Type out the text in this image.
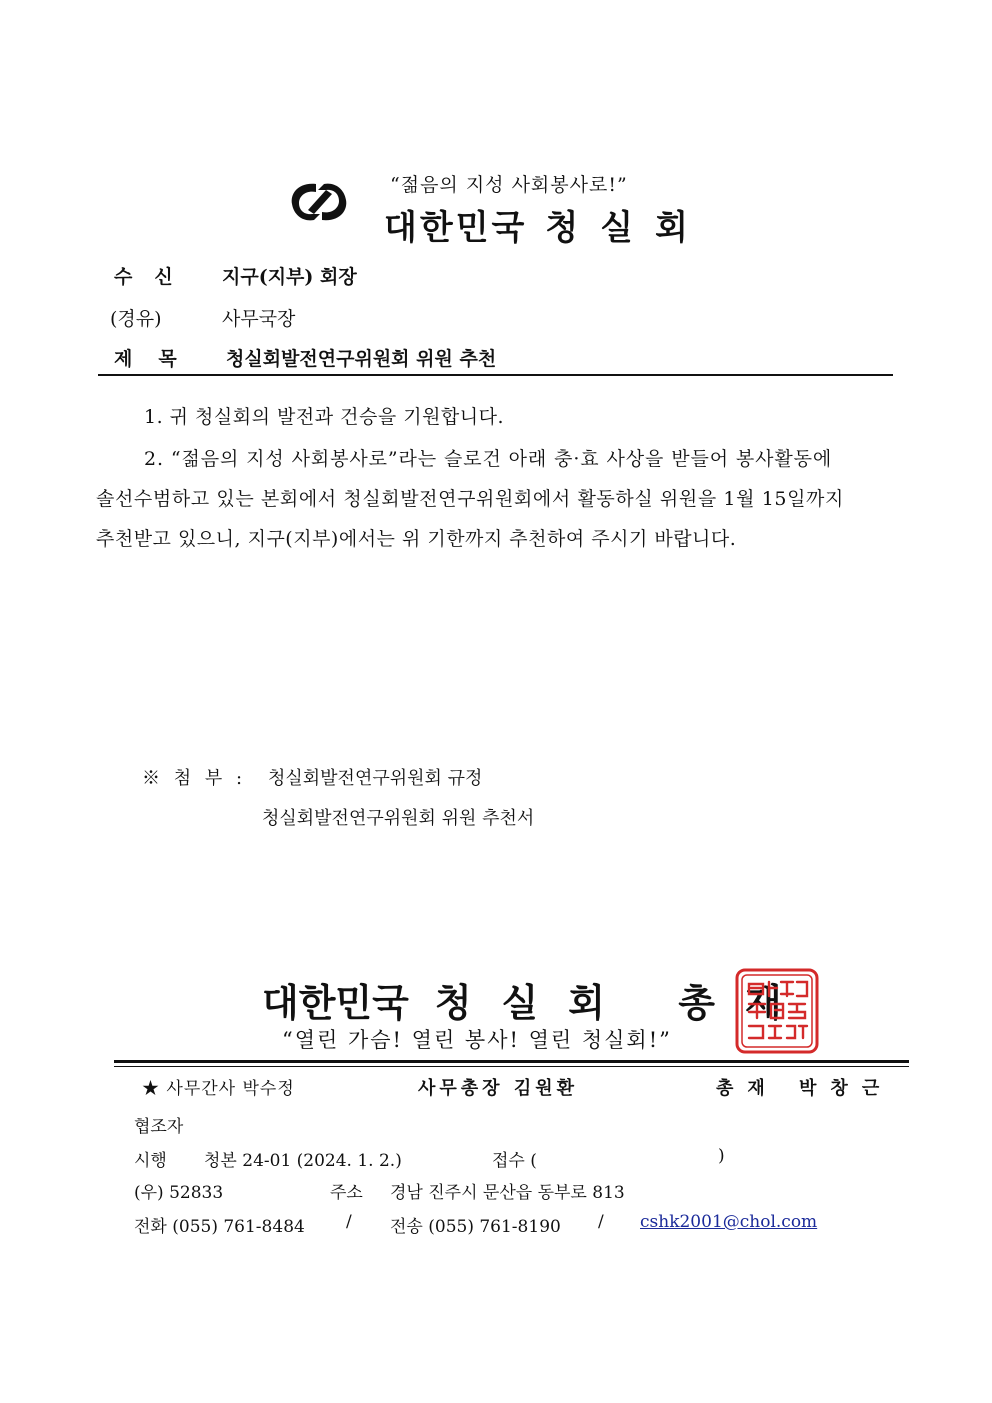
“젊음의 지성 사회봉사로!”
대한민국 청실회
수신 지구(지부) 회장
(경유)	사무국장
제목 청실회발전연구위원회 위원 추천
1. 귀 청실회의 발전과 건승을 기원합니다.
2. “젊음의 지성 사회봉사로”라는 슬로건 아래 충·효 사상을 받들어 봉사활동에
솔선수범하고 있는 본회에서 청실회발전연구위원회에서 활동하실 위원을 1월 15일까지
추천받고 있으니, 지구(지부)에서는 위 기한까지 추천하여 주시기 바랍니다.
※ 첨 부 : 청실회발전연구위원회 규정
청실회발전연구위원회 위원 추천서
대한민국 청실회 총재
“열린 가슴! 열린 봉사! 열린 청실회!”
★ 사무간사 박수정	사무총장 김원환	총재 박창근
협조자
시행 청본 24-01 (2024. 1. 2.)	접수 (	)
(우) 52833	주소 경남 진주시 문산읍 동부로 813
전화 (055) 761-8484 / 전송 (055) 761-8190 / cshk2001@chol.com
